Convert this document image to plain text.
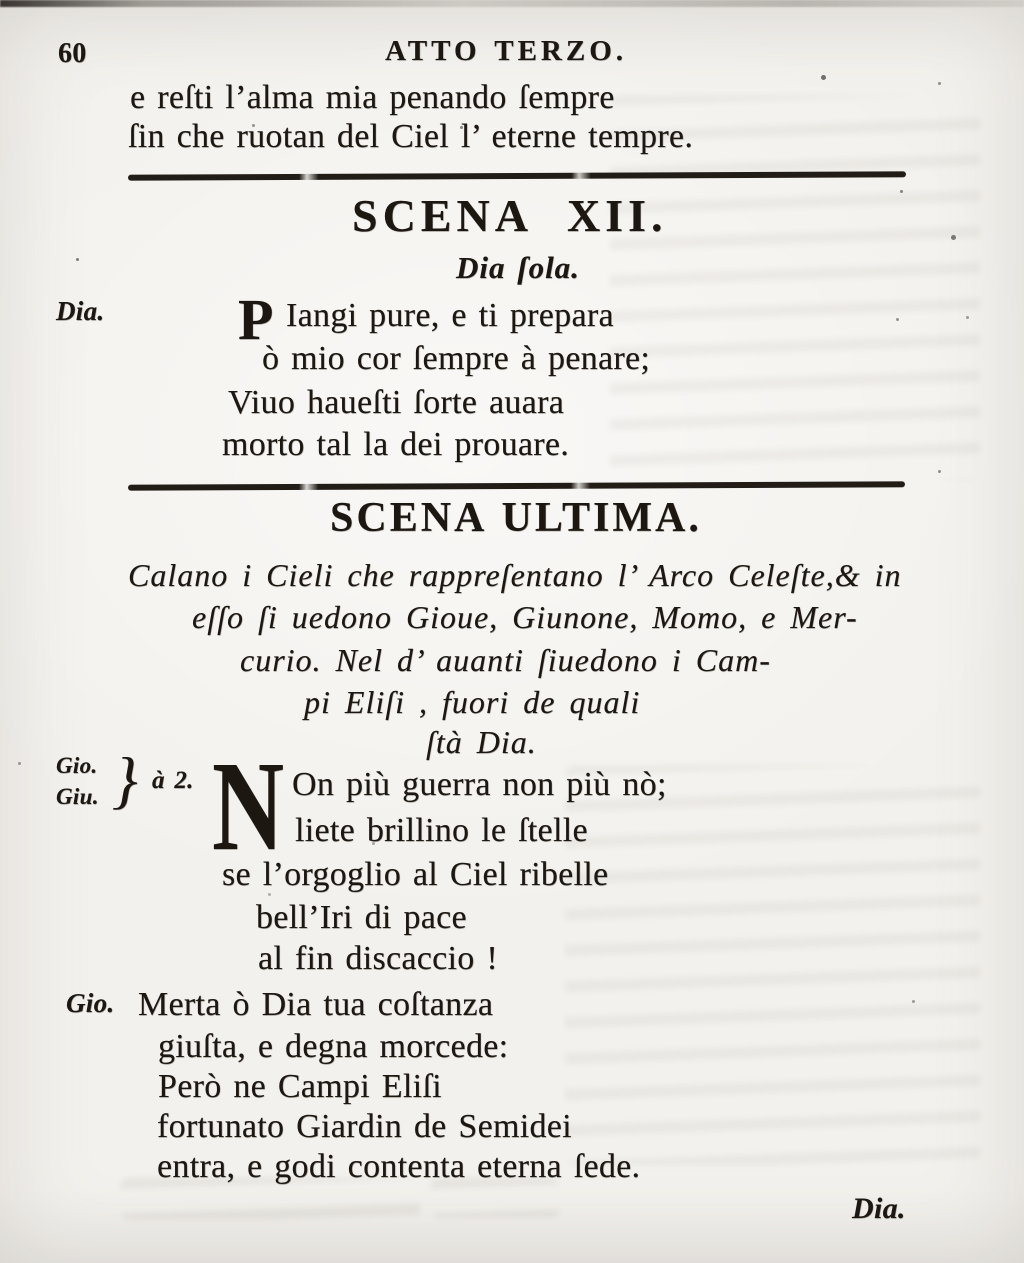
60	ATTO TERZO.
e reſti l’alma mia penando ſempre
ſin che ruotan del Ciel l’ eterne tempre.
SCENA XII.
Dia ſola.
Dia. P Iangi pure, e ti prepara
ò mio cor ſempre à penare;
Viuo haueſti ſorte auara
morto tal la dei prouare.
SCENA ULTIMA.
Calano i Cieli che rappreſentano l’ Arco Celeſte,& in
eſſo ſi uedono Gioue, Giunone, Momo, e Mer-
curio. Nel d’ auanti ſiuedono i Cam-
pi Eliſi , fuori de quali
ſtà Dia.
Gio.
Giu. } à 2. N On più guerra non più nò;
liete brillino le ſtelle
se l’orgoglio al Ciel ribelle
bell’Iri di pace
al fin discaccio !
Gio. Merta ò Dia tua coſtanza
giuſta, e degna morcede:
Però ne Campi Eliſi
fortunato Giardin de Semidei
entra, e godi contenta eterna ſede.
Dia.
